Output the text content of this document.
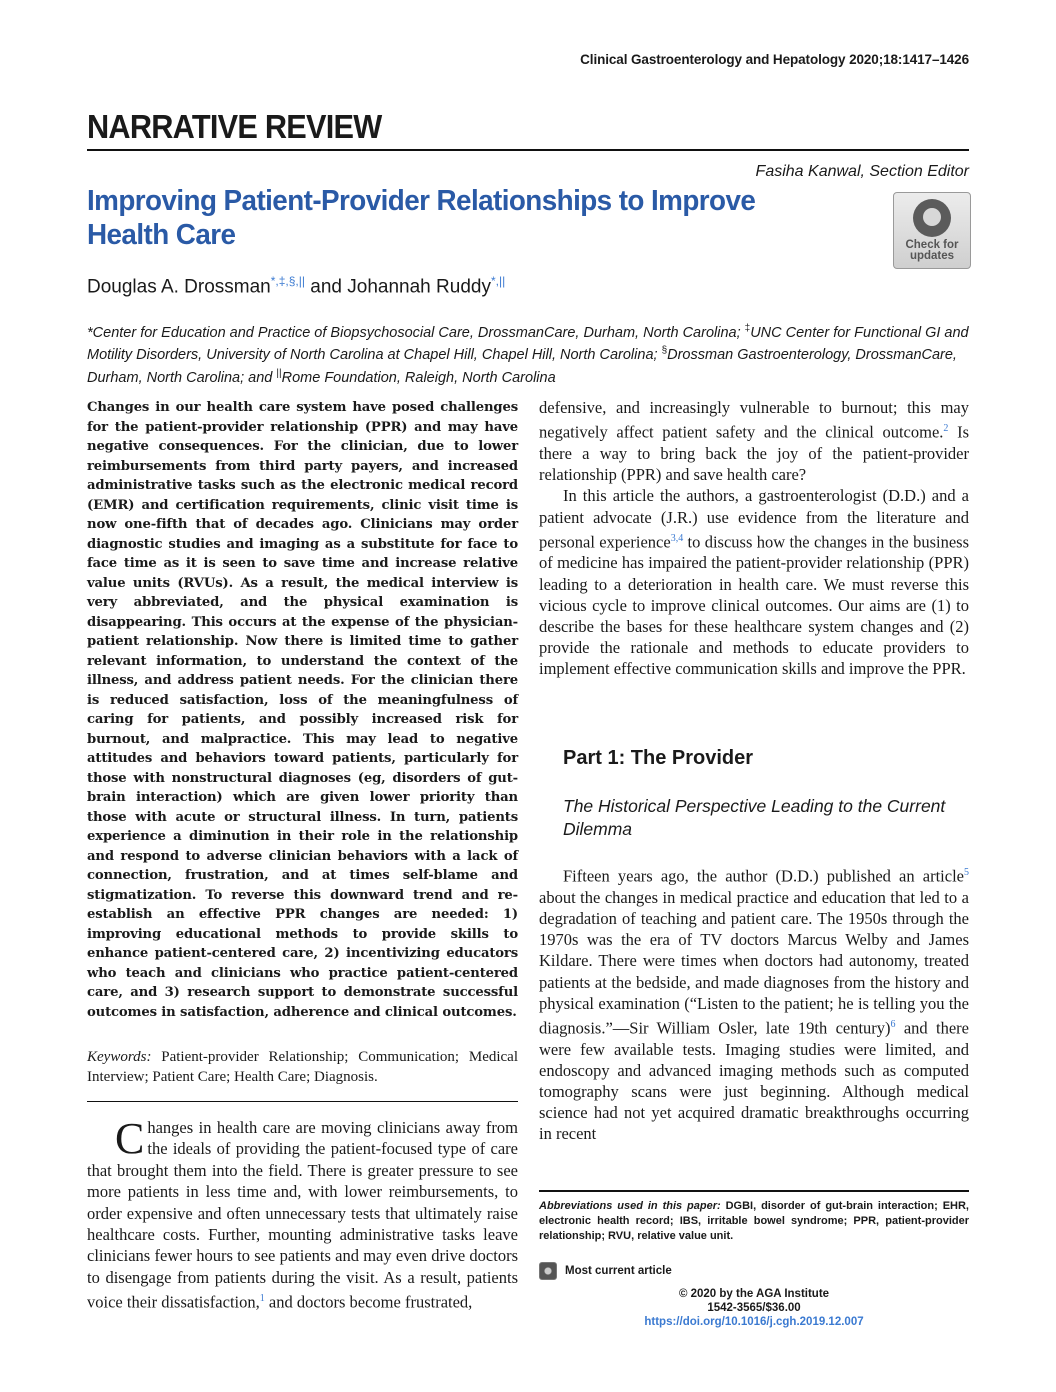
Clinical Gastroenterology and Hepatology 2020;18:1417–1426
NARRATIVE REVIEW
Fasiha Kanwal, Section Editor
Improving Patient-Provider Relationships to Improve Health Care	Check for
updates
Douglas A. Drossman*,‡,§,|| and Johannah Ruddy*,||
*Center for Education and Practice of Biopsychosocial Care, DrossmanCare, Durham, North Carolina; ‡UNC Center for Functional GI and Motility Disorders, University of North Carolina at Chapel Hill, Chapel Hill, North Carolina; §Drossman Gastroenterology, DrossmanCare, Durham, North Carolina; and ||Rome Foundation, Raleigh, North Carolina
Changes in our health care system have posed challenges for the patient-provider relationship (PPR) and may have negative consequences. For the clinician, due to lower reimbursements from third party payers, and increased administrative tasks such as the electronic medical record (EMR) and certification requirements, clinic visit time is now one-fifth that of decades ago. Clinicians may order diagnostic studies and imaging as a substitute for face to face time as it is seen to save time and increase relative value units (RVUs). As a result, the medical interview is very abbreviated, and the physical examination is disappearing. This occurs at the expense of the physician-patient relationship. Now there is limited time to gather relevant information, to understand the context of the illness, and address patient needs. For the clinician there is reduced satisfaction, loss of the meaningfulness of caring for patients, and possibly increased risk for burnout, and malpractice. This may lead to negative attitudes and behaviors toward patients, particularly for those with nonstructural diagnoses (eg, disorders of gut-brain interaction) which are given lower priority than those with acute or structural illness. In turn, patients experience a diminution in their role in the relationship and respond to adverse clinician behaviors with a lack of connection, frustration, and at times self-blame and stigmatization. To reverse this downward trend and re-establish an effective PPR changes are needed: 1) improving educational methods to provide skills to enhance patient-centered care, 2) incentivizing educators who teach and clinicians who practice patient-centered care, and 3) research support to demonstrate successful outcomes in satisfaction, adherence and clinical outcomes.
Keywords: Patient-provider Relationship; Communication; Medical Interview; Patient Care; Health Care; Diagnosis.
Changes in health care are moving clinicians away from the ideals of providing the patient-focused type of care that brought them into the field. There is greater pressure to see more patients in less time and, with lower reimbursements, to order expensive and often unnecessary tests that ultimately raise healthcare costs. Further, mounting administrative tasks leave clinicians fewer hours to see patients and may even drive doctors to disengage from patients during the visit. As a result, patients voice their dissatisfaction,$^1$ and doctors become frustrated,

defensive, and increasingly vulnerable to burnout; this may negatively affect patient safety and the clinical outcome.$^2$ Is there a way to bring back the joy of the patient-provider relationship (PPR) and save health care?

In this article the authors, a gastroenterologist (D.D.) and a patient advocate (J.R.) use evidence from the literature and personal experience$^{3,4}$ to discuss how the changes in the business of medicine has impaired the patient-provider relationship (PPR) leading to a deterioration in health care. We must reverse this vicious cycle to improve clinical outcomes. Our aims are (1) to describe the bases for these healthcare system changes and (2) provide the rationale and methods to educate providers to implement effective communication skills and improve the PPR.

Part 1: The Provider
The Historical Perspective Leading to the Current Dilemma

Fifteen years ago, the author (D.D.) published an article$^5$ about the changes in medical practice and education that led to a degradation of teaching and patient care. The 1950s through the 1970s was the era of TV doctors Marcus Welby and James Kildare. There were times when doctors had autonomy, treated patients at the bedside, and made diagnoses from the history and physical examination (“Listen to the patient; he is telling you the diagnosis.”—Sir William Osler, late 19th century)$^6$ and there were few available tests. Imaging studies were limited, and endoscopy and advanced imaging methods such as computed tomography scans were just beginning. Although medical science had not yet acquired dramatic breakthroughs occurring in recent

Abbreviations used in this paper: DGBI, disorder of gut-brain interaction; EHR, electronic health record; IBS, irritable bowel syndrome; PPR, patient-provider relationship; RVU, relative value unit.
Most current article
© 2020 by the AGA Institute
1542-3565/$36.00
https://doi.org/10.1016/j.cgh.2019.12.007
